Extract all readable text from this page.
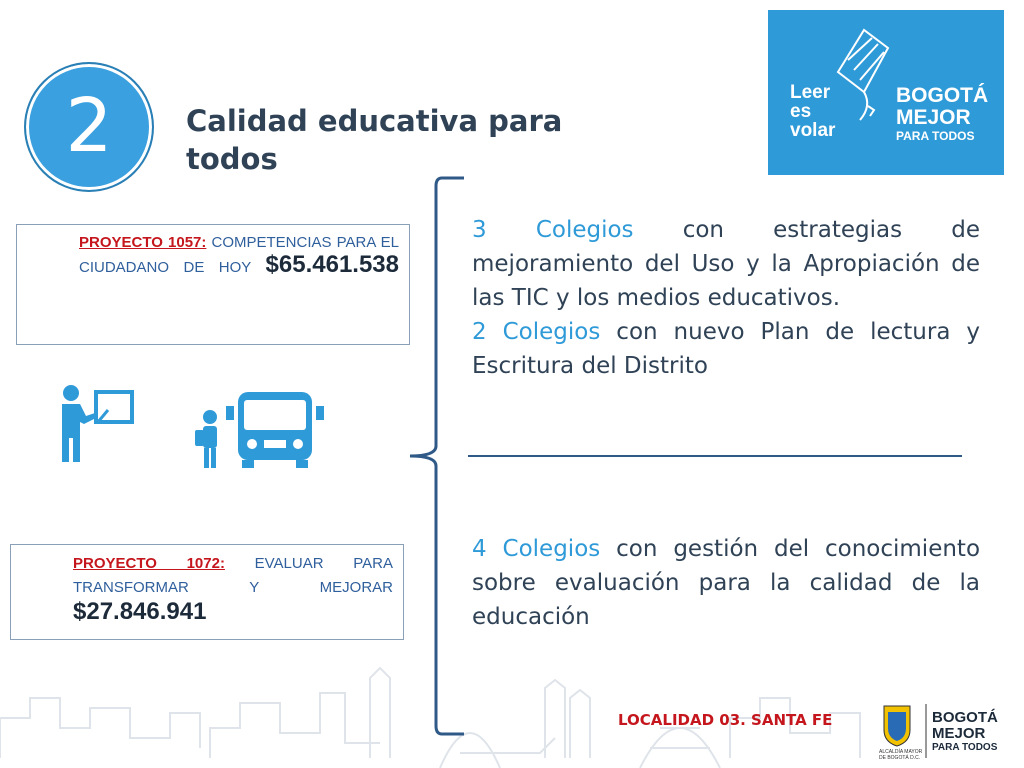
2	Calidad educativa para todos
Leer
es
volar
BOGOTÁ
MEJOR
PARA TODOS
PROYECTO 1057: COMPETENCIAS PARA EL CIUDADANO DE HOY $65.461.538
PROYECTO 1072: EVALUAR PARA TRANSFORMAR Y MEJORAR $27.846.941
3 Colegios con estrategias de mejoramiento del Uso y la Apropiación de las TIC y los medios educativos.
2 Colegios con nuevo Plan de lectura y Escritura del Distrito
4 Colegios con gestión del conocimiento sobre evaluación para la calidad de la educación
LOCALIDAD 03. SANTA FE
ALCALDÍA MAYOR
DE BOGOTÁ D.C.
BOGOTÁ
MEJOR
PARA TODOS
